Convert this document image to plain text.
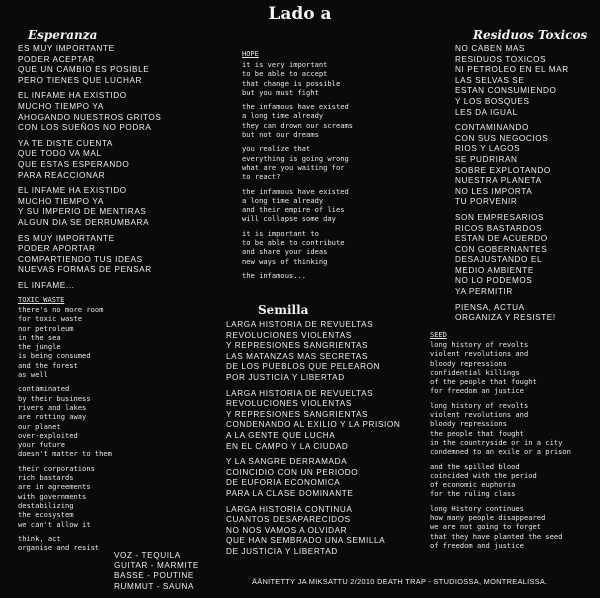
Lado a
Esperanza
ES MUY IMPORTANTE
PODER ACEPTAR
QUE UN CAMBIO ES POSIBLE
PERO TIENES QUE LUCHAR
EL INFAME HA EXISTIDO
MUCHO TIEMPO YA
AHOGANDO NUESTROS GRITOS
CON LOS SUEÑOS NO PODRA
YA TE DISTE CUENTA
QUE TODO VA MAL
QUE ESTAS ESPERANDO
PARA REACCIONAR
EL INFAME HA EXISTIDO
MUCHO TIEMPO YA
Y SU IMPERIO DE MENTIRAS
ALGUN DIA SE DERRUMBARA
ES MUY IMPORTANTE
PODER APORTAR
COMPARTIENDO TUS IDEAS
NUEVAS FORMAS DE PENSAR
EL INFAME...
HOPE
it is very important
to be able to accept
that change is possible
but you must fight
the infamous have existed
a long time already
they can drown our screams
but not our dreams
you realize that
everything is going wrong
what are you waiting for
to react?
the infamous have existed
a long time already
and their empire of lies
will collapse some day
it is important to
to be able to contribute
and share your ideas
new ways of thinking
the infamous...
Residuos Toxicos
NO CABEN MAS
RESIDUOS TOXICOS
NI PETROLEO EN EL MAR
LAS SELVAS SE
ESTAN CONSUMIENDO
Y LOS BOSQUES
LES DA IGUAL
CONTAMINANDO
CON SUS NEGOCIOS
RIOS Y LAGOS
SE PUDRIRAN
SOBRE EXPLOTANDO
NUESTRA PLANETA
NO LES IMPORTA
TU PORVENIR
SON EMPRESARIOS
RICOS BASTARDOS
ESTAN DE ACUERDO
CON GOBERNANTES
DESAJUSTANDO EL
MEDIO AMBIENTE
NO LO PODEMOS
YA PERMITIR
PIENSA, ACTUA
ORGANIZA Y RESISTE!
TOXIC WASTE
there's no more room
for toxic waste
nor petroleum
in the sea
the jungle
is being consumed
and the forest
as well
contaminated
by their business
rivers and lakes
are rotting away
our planet
over-exploited
your future
doesn't matter to them
their corporations
rich bastards
are in agreements
with governments
destabilizing
the ecosystem
we can't allow it
think, act
organise and resist
Semilla
LARGA HISTORIA DE REVUELTAS
REVOLUCIONES VIOLENTAS
Y REPRESIONES SANGRIENTAS
LAS MATANZAS MAS SECRETAS
DE LOS PUEBLOS QUE PELEARON
POR JUSTICIA Y LIBERTAD
LARGA HISTORIA DE REVUELTAS
REVOLUCIONES VIOLENTAS
Y REPRESIONES SANGRIENTAS
CONDENANDO AL EXILIO Y LA PRISION
A LA GENTE QUE LUCHA
EN EL CAMPO Y LA CIUDAD
Y LA SANGRE DERRAMADA
COINCIDIO CON UN PERIODO
DE EUFORIA ECONOMICA
PARA LA CLASE DOMINANTE
LARGA HISTORIA CONTINUA
CUANTOS DESAPARECIDOS
NO NOS VAMOS A OLVIDAR
QUE HAN SEMBRADO UNA SEMILLA
DE JUSTICIA Y LIBERTAD
SEED
long history of revolts
violent revolutions and
bloody repressions
confidential killings
of the people that fought
for freedom an justice
long history of revolts
violent revolutions and
bloody repressions
the people that fought
in the countryside or in a city
condemned to an exile or a prison
and the spilled blood
coincided with the period
of economic euphoria
for the ruling class
long History continues
how many people disappeared
we are not going to forget
that they have planted the seed
of freedom and justice
VOZ - TEQUILA
GUITAR - MARMITE
BASSE - POUTINE
RUMMUT - SAUNA
ÄÄNITETTY JA MIKSATTU 2/2010 DEATH TRAP - STUDIOSSA, MONTREALISSA.
